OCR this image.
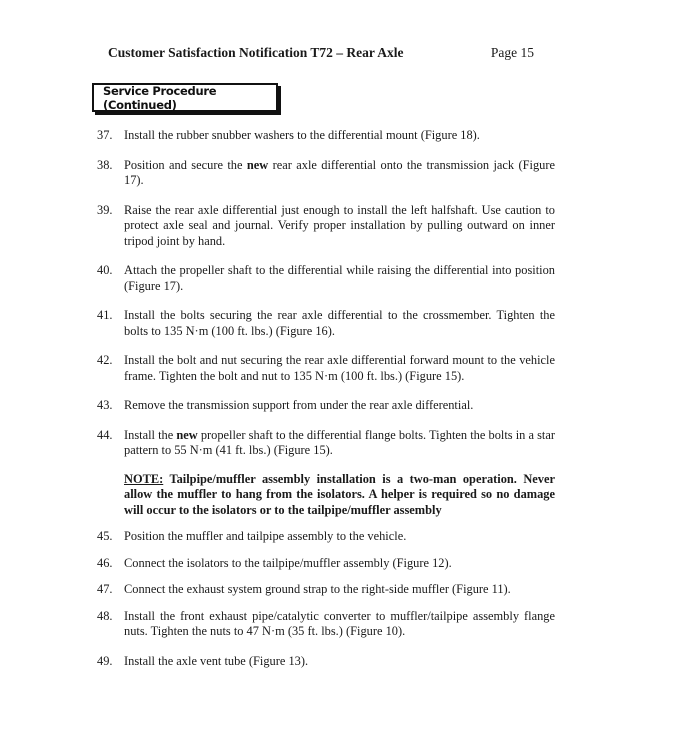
Customer Satisfaction Notification T72 – Rear Axle	Page 15
Service Procedure (Continued)
37. Install the rubber snubber washers to the differential mount (Figure 18).
38. Position and secure the new rear axle differential onto the transmission jack (Figure 17).
39. Raise the rear axle differential just enough to install the left halfshaft. Use caution to protect axle seal and journal. Verify proper installation by pulling outward on inner tripod joint by hand.
40. Attach the propeller shaft to the differential while raising the differential into position (Figure 17).
41. Install the bolts securing the rear axle differential to the crossmember. Tighten the bolts to 135 N·m (100 ft. lbs.) (Figure 16).
42. Install the bolt and nut securing the rear axle differential forward mount to the vehicle frame. Tighten the bolt and nut to 135 N·m (100 ft. lbs.) (Figure 15).
43. Remove the transmission support from under the rear axle differential.
44. Install the new propeller shaft to the differential flange bolts. Tighten the bolts in a star pattern to 55 N·m (41 ft. lbs.) (Figure 15).
NOTE: Tailpipe/muffler assembly installation is a two-man operation. Never allow the muffler to hang from the isolators. A helper is required so no damage will occur to the isolators or to the tailpipe/muffler assembly
45. Position the muffler and tailpipe assembly to the vehicle.
46. Connect the isolators to the tailpipe/muffler assembly (Figure 12).
47. Connect the exhaust system ground strap to the right-side muffler (Figure 11).
48. Install the front exhaust pipe/catalytic converter to muffler/tailpipe assembly flange nuts. Tighten the nuts to 47 N·m (35 ft. lbs.) (Figure 10).
49. Install the axle vent tube (Figure 13).
